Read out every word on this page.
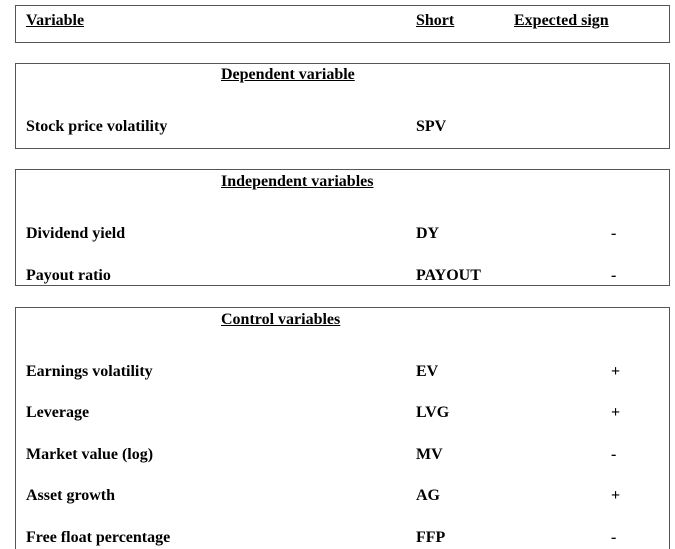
Variable	Short	Expected sign
Dependent variable
Stock price volatility	SPV
Independent variables
Dividend yield	DY	-
Payout ratio	PAYOUT	-
Control variables
Earnings volatility	EV	+
Leverage	LVG	+
Market value (log)	MV	-
Asset growth	AG	+
Free float percentage	FFP	-
